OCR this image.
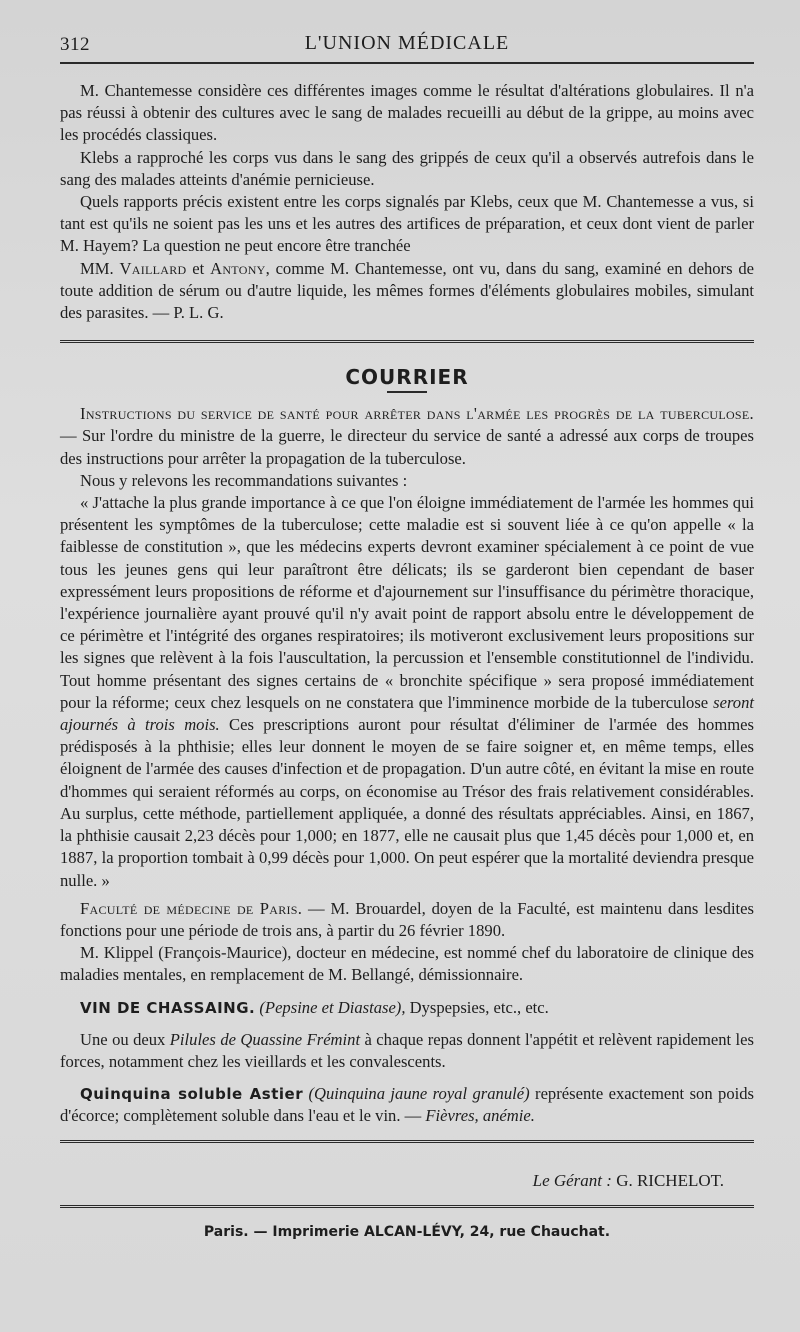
312	L'UNION MÉDICALE

M. Chantemesse considère ces différentes images comme le résultat d'altérations globulaires. Il n'a pas réussi à obtenir des cultures avec le sang de malades recueilli au début de la grippe, au moins avec les procédés classiques.

Klebs a rapproché les corps vus dans le sang des grippés de ceux qu'il a observés autrefois dans le sang des malades atteints d'anémie pernicieuse.

Quels rapports précis existent entre les corps signalés par Klebs, ceux que M. Chantemesse a vus, si tant est qu'ils ne soient pas les uns et les autres des artifices de préparation, et ceux dont vient de parler M. Hayem? La question ne peut encore être tranchée

MM. Vaillard et Antony, comme M. Chantemesse, ont vu, dans du sang, examiné en dehors de toute addition de sérum ou d'autre liquide, les mêmes formes d'éléments globulaires mobiles, simulant des parasites. — P. L. G.

COURRIER

Instructions du service de santé pour arrêter dans l'armée les progrès de la tuberculose. — Sur l'ordre du ministre de la guerre, le directeur du service de santé a adressé aux corps de troupes des instructions pour arrêter la propagation de la tuberculose.

Nous y relevons les recommandations suivantes :

« J'attache la plus grande importance à ce que l'on éloigne immédiatement de l'armée les hommes qui présentent les symptômes de la tuberculose; cette maladie est si souvent liée à ce qu'on appelle « la faiblesse de constitution », que les médecins experts devront examiner spécialement à ce point de vue tous les jeunes gens qui leur paraîtront être délicats; ils se garderont bien cependant de baser expressément leurs propositions de réforme et d'ajournement sur l'insuffisance du périmètre thoracique, l'expérience journalière ayant prouvé qu'il n'y avait point de rapport absolu entre le développement de ce périmètre et l'intégrité des organes respiratoires; ils motiveront exclusivement leurs propositions sur les signes que relèvent à la fois l'auscultation, la percussion et l'ensemble constitutionnel de l'individu. Tout homme présentant des signes certains de « bronchite spécifique » sera proposé immédiatement pour la réforme; ceux chez lesquels on ne constatera que l'imminence morbide de la tuberculose seront ajournés à trois mois. Ces prescriptions auront pour résultat d'éliminer de l'armée des hommes prédisposés à la phthisie; elles leur donnent le moyen de se faire soigner et, en même temps, elles éloignent de l'armée des causes d'infection et de propagation. D'un autre côté, en évitant la mise en route d'hommes qui seraient réformés au corps, on économise au Trésor des frais relativement considérables. Au surplus, cette méthode, partiellement appliquée, a donné des résultats appréciables. Ainsi, en 1867, la phthisie causait 2,23 décès pour 1,000; en 1877, elle ne causait plus que 1,45 décès pour 1,000 et, en 1887, la proportion tombait à 0,99 décès pour 1,000. On peut espérer que la mortalité deviendra presque nulle. »

Faculté de médecine de Paris. — M. Brouardel, doyen de la Faculté, est maintenu dans lesdites fonctions pour une période de trois ans, à partir du 26 février 1890.

M. Klippel (François-Maurice), docteur en médecine, est nommé chef du laboratoire de clinique des maladies mentales, en remplacement de M. Bellangé, démissionnaire.

VIN DE CHASSAING. (Pepsine et Diastase), Dyspepsies, etc., etc.

Une ou deux Pilules de Quassine Frémint à chaque repas donnent l'appétit et relèvent rapidement les forces, notamment chez les vieillards et les convalescents.

Quinquina soluble Astier (Quinquina jaune royal granulé) représente exactement son poids d'écorce; complètement soluble dans l'eau et le vin. — Fièvres, anémie.

Le Gérant : G. RICHELOT.
Paris. — Imprimerie ALCAN-LÉVY, 24, rue Chauchat.
